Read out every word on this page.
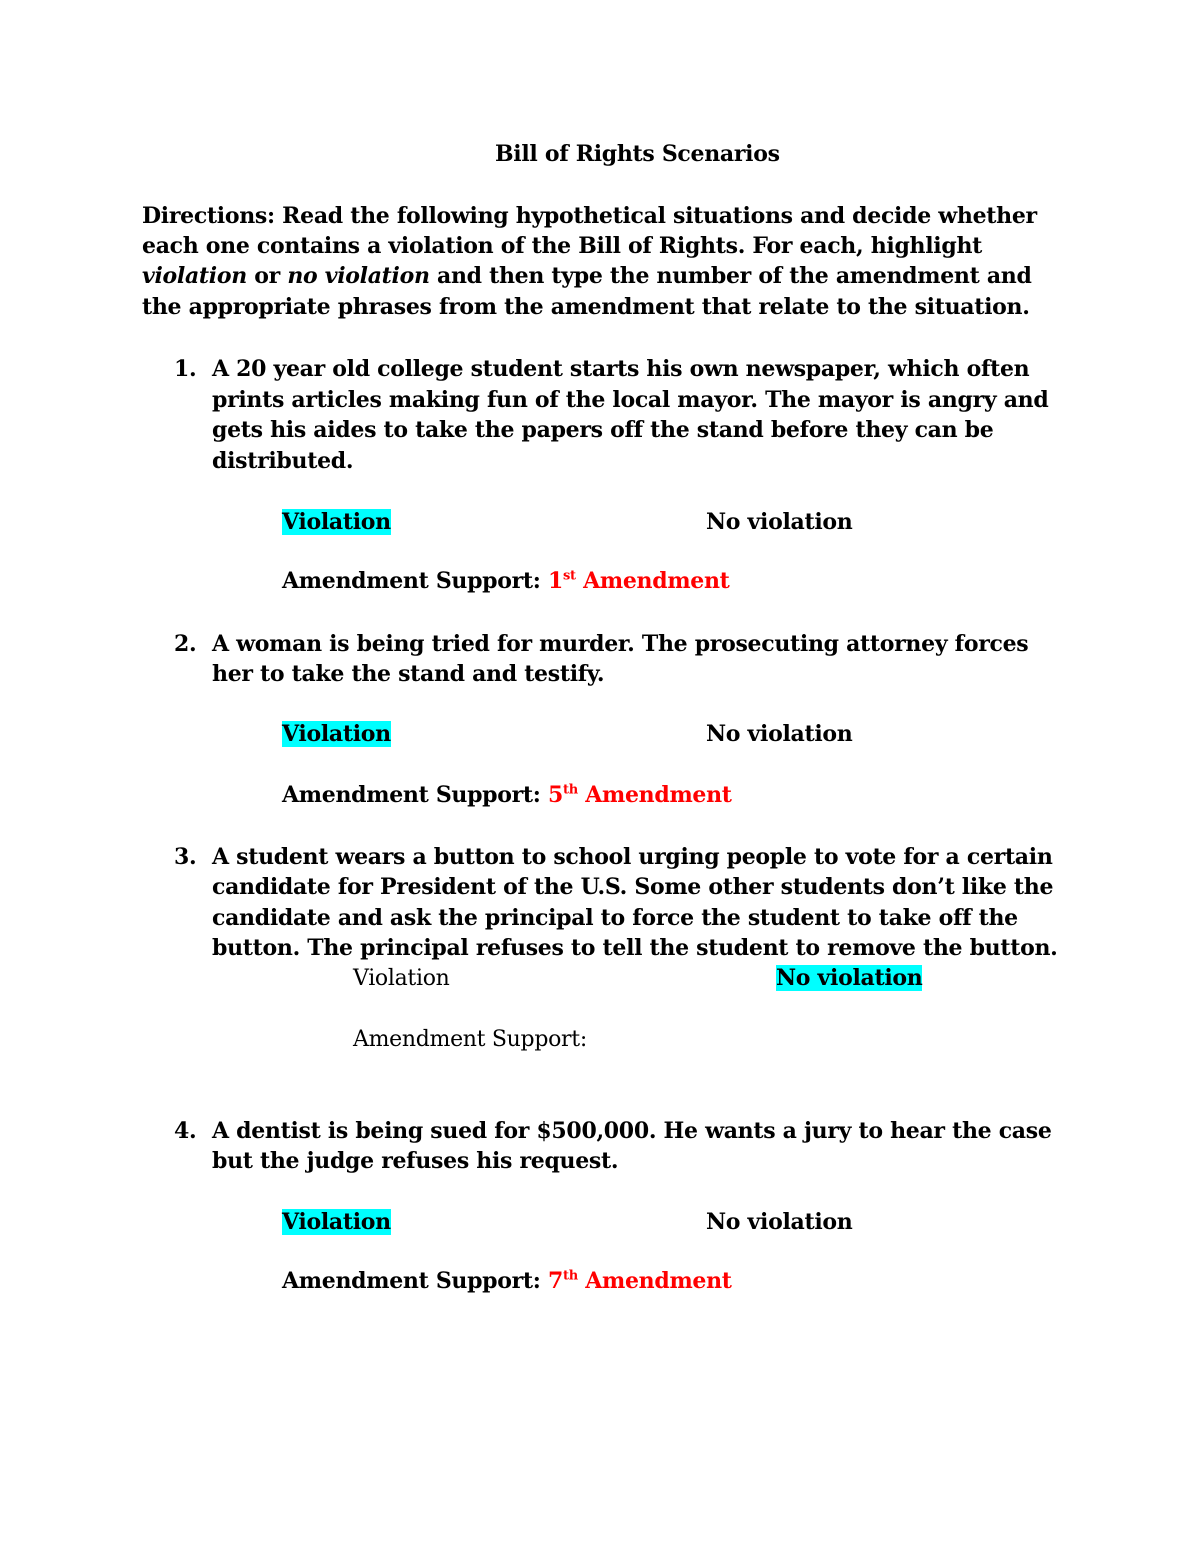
Bill of Rights Scenarios
Directions: Read the following hypothetical situations and decide whether
each one contains a violation of the Bill of Rights. For each, highlight
violation or no violation and then type the number of the amendment and
the appropriate phrases from the amendment that relate to the situation.
1. A 20 year old college student starts his own newspaper, which often
prints articles making fun of the local mayor. The mayor is angry and
gets his aides to take the papers off the stand before they can be
distributed.
Violation	No violation
Amendment Support: 1st Amendment
2. A woman is being tried for murder. The prosecuting attorney forces
her to take the stand and testify.
Violation	No violation
Amendment Support: 5th Amendment
3. A student wears a button to school urging people to vote for a certain
candidate for President of the U.S. Some other students don’t like the
candidate and ask the principal to force the student to take off the
button. The principal refuses to tell the student to remove the button.
Violation	No violation
Amendment Support:
4. A dentist is being sued for $500,000. He wants a jury to hear the case
but the judge refuses his request.
Violation	No violation
Amendment Support: 7th Amendment
